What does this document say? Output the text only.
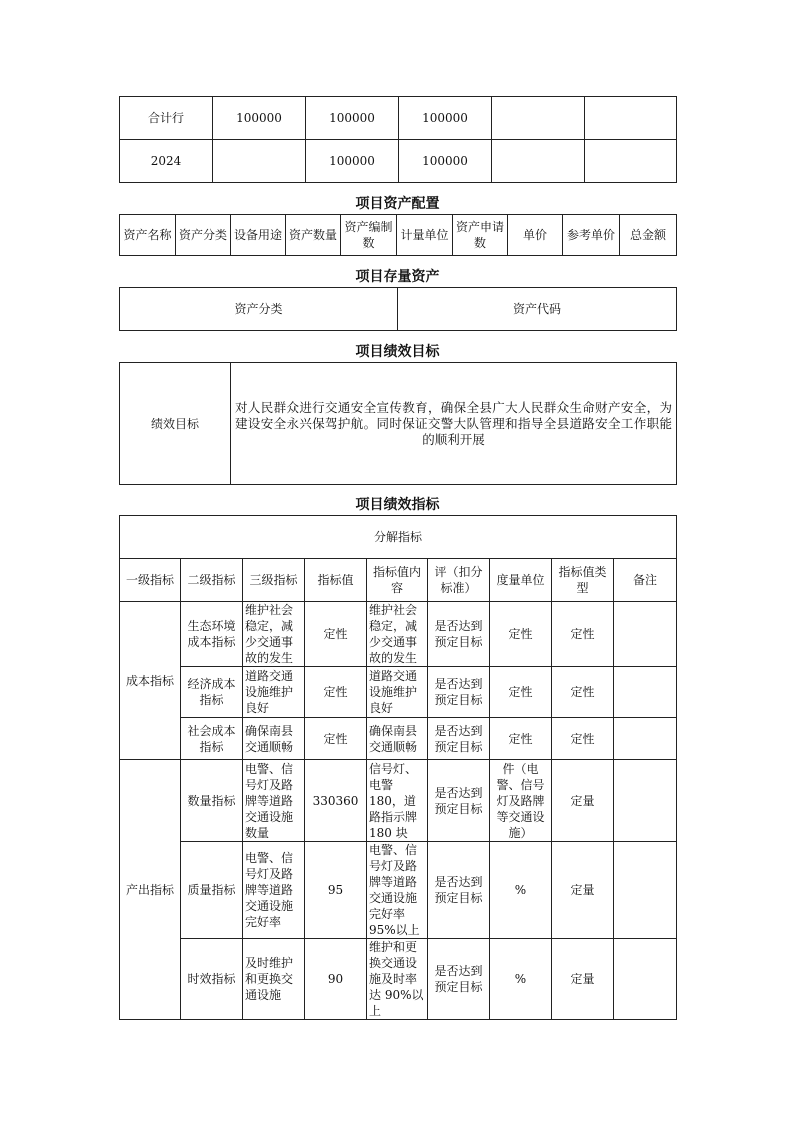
合计行	100000	100000	100000		
2024		100000	100000		
项目资产配置
资产名称	资产分类	设备用途	资产数量	资产编制数	计量单位	资产申请数	单价	参考单价	总金额
项目存量资产
资产分类	资产代码
项目绩效目标
绩效目标	对人民群众进行交通安全宣传教育，确保全县广大人民群众生命财产安全，为建设安全永兴保驾护航。同时保证交警大队管理和指导全县道路安全工作职能的顺利开展
项目绩效指标
分解指标								
一级指标	二级指标	三级指标	指标值	指标值内容	评（扣分标准）	度量单位	指标值类型	备注
成本指标	生态环境成本指标	维护社会稳定，减少交通事故的发生	定性	维护社会稳定，减少交通事故的发生	是否达到预定目标	定性	定性	
	经济成本指标	道路交通设施维护良好	定性	道路交通设施维护良好	是否达到预定目标	定性	定性	
	社会成本指标	确保南县交通顺畅	定性	确保南县交通顺畅	是否达到预定目标	定性	定性	
产出指标	数量指标	电警、信号灯及路牌等道路交通设施数量	330360	信号灯、电警 180，道路指示牌 180 块	是否达到预定目标	件（电警、信号灯及路牌等交通设施）	定量	
	质量指标	电警、信号灯及路牌等道路交通设施完好率	95	电警、信号灯及路牌等道路交通设施完好率 95%以上	是否达到预定目标	%	定量	
	时效指标	及时维护和更换交通设施	90	维护和更换交通设施及时率达 90%以上	是否达到预定目标	%	定量	
